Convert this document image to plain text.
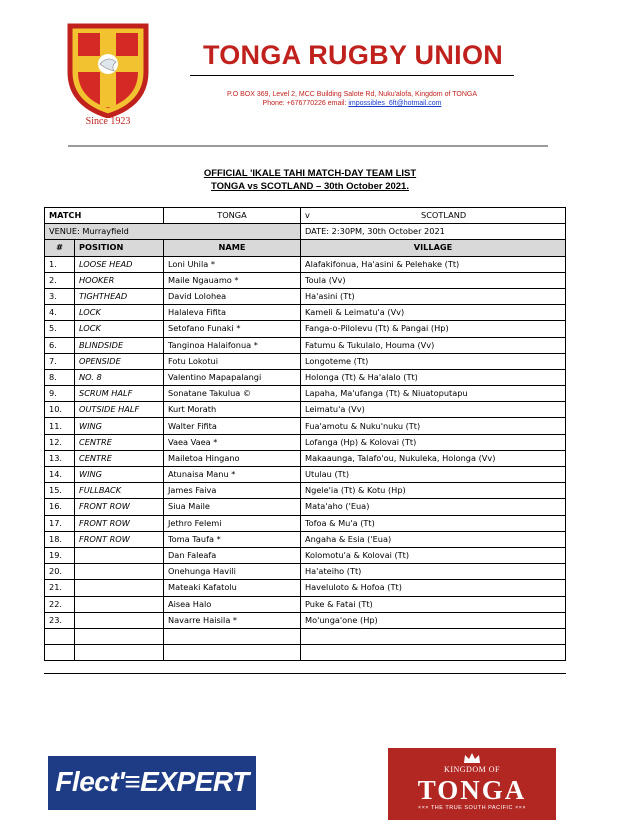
Since 1923
TONGA RUGBY UNION
P.O BOX 369, Level 2, MCC Building Salote Rd, Nuku'alofa, Kingdom of TONGA
Phone: +676770226 email: impossibles_6ft@hotmail.com
OFFICIAL 'IKALE TAHI MATCH-DAY TEAM LIST
TONGA vs SCOTLAND – 30th October 2021.
MATCH		TONGA	v SCOTLAND

VENUE: Murrayfield			DATE: 2:30PM, 30th October 2021
#	POSITION	NAME	VILLAGE
1.	LOOSE HEAD	Loni Uhila *	Alafakifonua, Ha'asini & Pelehake (Tt)
2.	HOOKER	Maile Ngauamo *	Toula (Vv)
3.	TIGHTHEAD	David Lolohea	Ha'asini (Tt)
4.	LOCK	Halaleva Fifita	Kameli & Leimatu'a (Vv)
5.	LOCK	Setofano Funaki *	Fanga-o-Pilolevu (Tt) & Pangai (Hp)
6.	BLINDSIDE	Tanginoa Halaifonua *	Fatumu & Tukulalo, Houma (Vv)
7.	OPENSIDE	Fotu Lokotui	Longoteme (Tt)
8.	NO. 8	Valentino Mapapalangi	Holonga (Tt) & Ha'alalo (Tt)
9.	SCRUM HALF	Sonatane Takulua ©	Lapaha, Ma'ufanga (Tt) & Niuatoputapu
10.	OUTSIDE HALF	Kurt Morath	Leimatu'a (Vv)
11.	WING	Walter Fifita	Fua'amotu & Nuku'nuku (Tt)
12.	CENTRE	Vaea Vaea *	Lofanga (Hp) & Kolovai (Tt)
13.	CENTRE	Mailetoa Hingano	Makaaunga, Talafo'ou, Nukuleka, Holonga (Vv)
14.	WING	Atunaisa Manu *	Utulau (Tt)
15.	FULLBACK	James Faiva	Ngele'ia (Tt) & Kotu (Hp)
16.	FRONT ROW	Siua Maile	Mata'aho ('Eua)
17.	FRONT ROW	Jethro Felemi	Tofoa & Mu'a (Tt)
18.	FRONT ROW	Toma Taufa *	Angaha & Esia ('Eua)
19.		Dan Faleafa	Kolomotu'a & Kolovai (Tt)
20.		Onehunga Havili	Ha'ateiho (Tt)
21.		Mateaki Kafatolu	Haveluloto & Hofoa (Tt)
22.		Aisea Halo	Puke & Fatai (Tt)
23.		Navarre Haisila *	Mo'unga'one (Hp)

Flect'≡EXPERT	KINGDOM OF
TONGA
××× THE TRUE SOUTH PACIFIC ×××
